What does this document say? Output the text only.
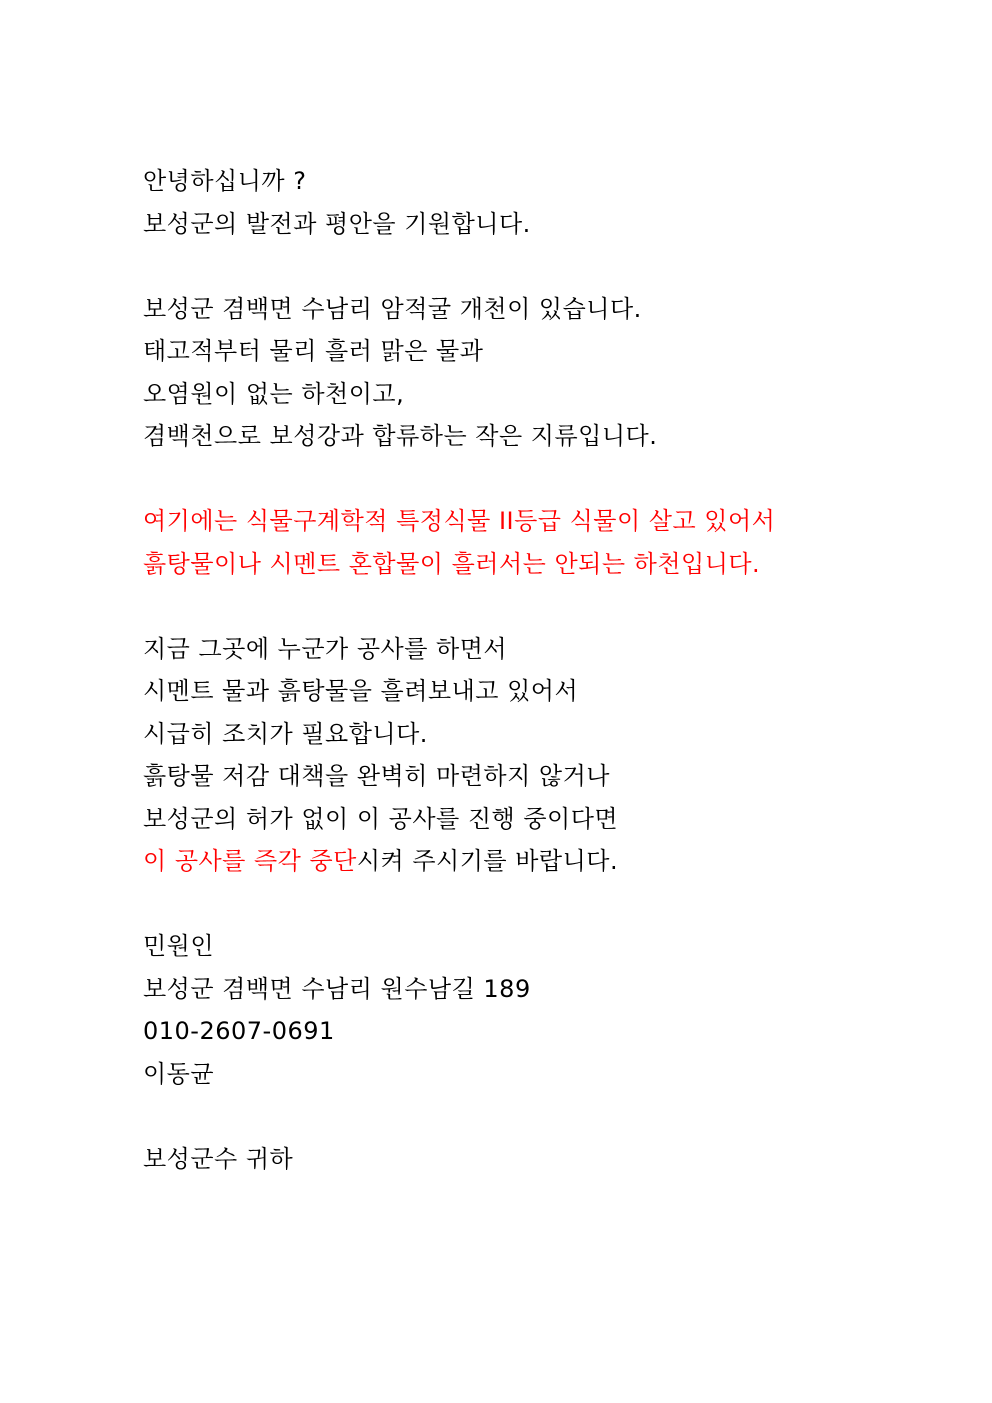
안녕하십니까 ?
보성군의 발전과 평안을 기원합니다.
보성군 겸백면 수남리 암적굴 개천이 있습니다.
태고적부터 물리 흘러 맑은 물과
오염원이 없는 하천이고,
겸백천으로 보성강과 합류하는 작은 지류입니다.
여기에는 식물구계학적 특정식물 II등급 식물이 살고 있어서
흙탕물이나 시멘트 혼합물이 흘러서는 안되는 하천입니다.
지금 그곳에 누군가 공사를 하면서
시멘트 물과 흙탕물을 흘려보내고 있어서
시급히 조치가 필요합니다.
흙탕물 저감 대책을 완벽히 마련하지 않거나
보성군의 허가 없이 이 공사를 진행 중이다면
이 공사를 즉각 중단시켜 주시기를 바랍니다.
민원인
보성군 겸백면 수남리 원수남길 189
010-2607-0691
이동균
보성군수 귀하
